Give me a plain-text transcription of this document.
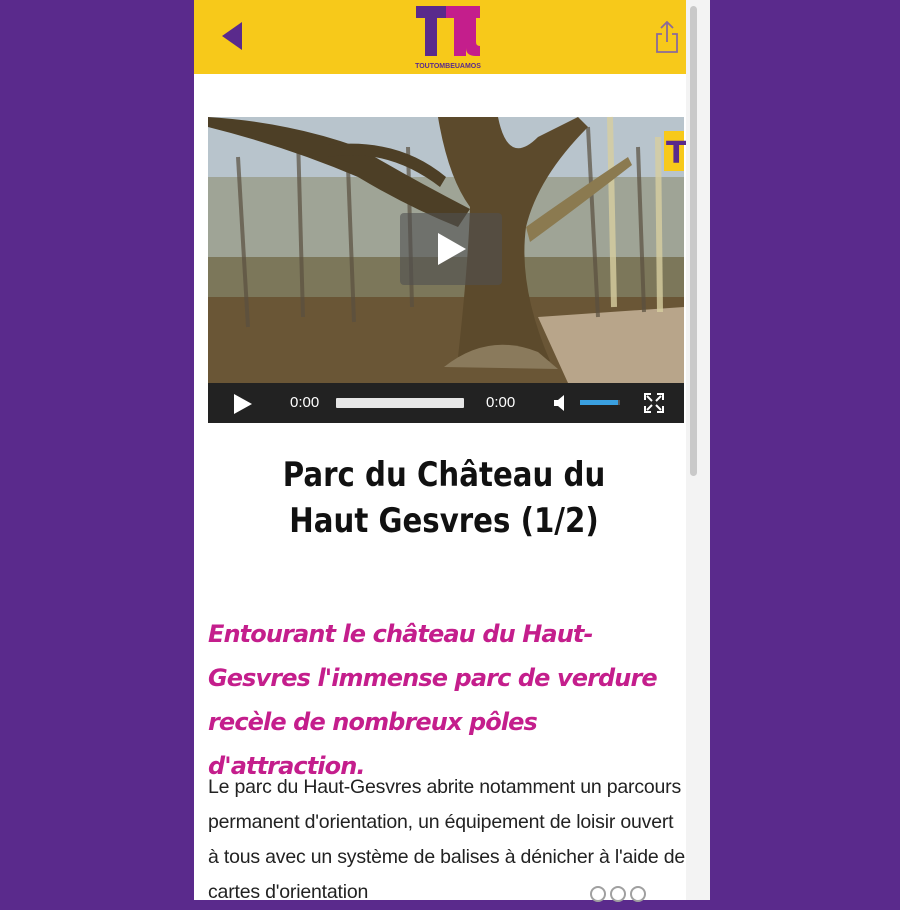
TOUTOMBEUAMOS
T
0:00	0:00
Parc du Château du Haut Gesvres (1/2)
Entourant le château du Haut-Gesvres l'immense parc de verdure recèle de nombreux pôles d'attraction.
Le parc du Haut-Gesvres abrite notamment un parcours permanent d'orientation, un équipement de loisir ouvert à tous avec un système de balises à dénicher à l'aide de cartes d'orientation
